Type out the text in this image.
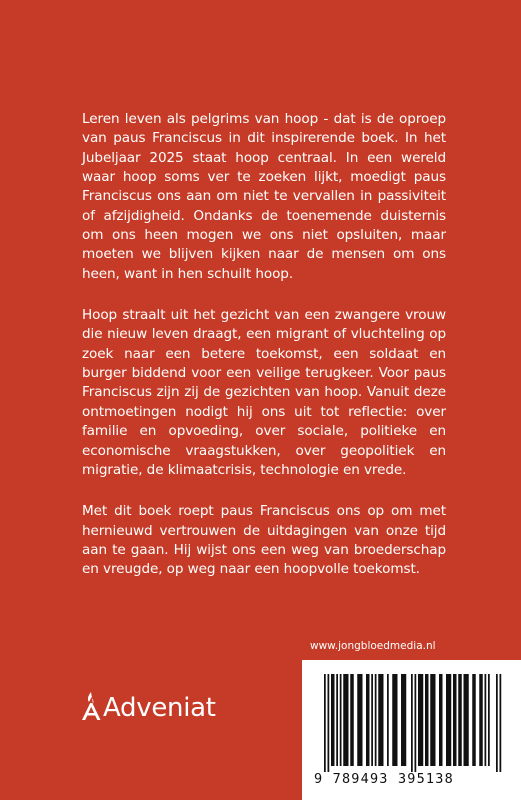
Leren leven als pelgrims van hoop - dat is de oproep van paus Franciscus in dit inspirerende boek. In het Jubeljaar 2025 staat hoop centraal. In een wereld waar hoop soms ver te zoeken lijkt, moedigt paus Franciscus ons aan om niet te vervallen in passiviteit of afzijdigheid. Ondanks de toenemende duisternis om ons heen mogen we ons niet opsluiten, maar moeten we blijven kijken naar de mensen om ons heen, want in hen schuilt hoop.

Hoop straalt uit het gezicht van een zwangere vrouw die nieuw leven draagt, een migrant of vluchteling op zoek naar een betere toekomst, een soldaat en burger biddend voor een veilige terugkeer. Voor paus Franciscus zijn zij de gezichten van hoop. Vanuit deze ontmoetingen nodigt hij ons uit tot reflectie: over familie en opvoeding, over sociale, politieke en economische vraagstukken, over geopolitiek en migratie, de klimaatcrisis, technologie en vrede.

Met dit boek roept paus Franciscus ons op om met hernieuwd vertrouwen de uitdagingen van onze tijd aan te gaan. Hij wijst ons een weg van broederschap en vreugde, op weg naar een hoopvolle toekomst.

www.jongbloedmedia.nl
Adveniat
9 789493 395138
